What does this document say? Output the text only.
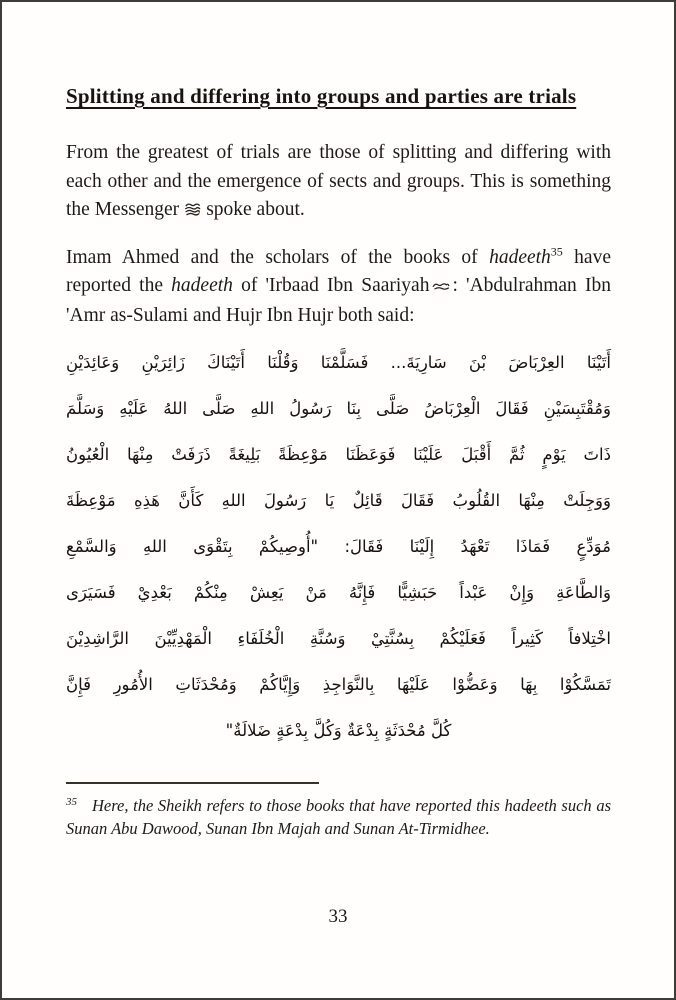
Splitting and differing into groups and parties are trials

From the greatest of trials are those of splitting and differing with each other and the emergence of sects and groups. This is something the Messenger spoke about.

Imam Ahmed and the scholars of the books of hadeeth$^{35}$ have reported the hadeeth of 'Irbaad Ibn Saariyah : 'Abdulrahman Ibn 'Amr as-Sulami and Hujr Ibn Hujr both said:

أَتَيْنَا العِرْبَاضَ بْنَ سَارِيَةَ... فَسَلَّمْنَا وَقُلْنَا أَتَيْنَاكَ زَائِرَيْنِ وَعَائِدَيْنِ
وَمُقْتَبِسَيْنِ فَقَالَ الْعِرْبَاضُ صَلَّى بِنَا رَسُولُ اللهِ صَلَّى اللهُ عَلَيْهِ وَسَلَّمَ
ذَاتَ يَوْمٍ ثُمَّ أَقْبَلَ عَلَيْنَا فَوَعَظَنَا مَوْعِظَةً بَلِيغَةً ذَرَفَتْ مِنْهَا الْعُيُونُ
وَوَجِلَتْ مِنْهَا القُلُوبُ فَقَالَ قَائِلٌ يَا رَسُولَ اللهِ كَأَنَّ هَذِهِ مَوْعِظَةَ
مُوَدِّعٍ فَمَاذَا تَعْهَدُ إِلَيْنَا فَقَالَ: "أُوصِيكُمْ بِتَقْوَى اللهِ وَالسَّمْعِ
وَالطَّاعَةِ وَإِنْ عَبْداً حَبَشِيًّا فَإِنَّهُ مَنْ يَعِشْ مِنْكُمْ بَعْدِيْ فَسَيَرَى
اخْتِلافاً كَثِيراً فَعَلَيْكُمْ بِسُنَّتِيْ وَسُنَّةِ الْخُلَفَاءِ الْمَهْدِيِّيْنَ الرَّاشِدِيْنَ
تَمَسَّكُوْا بِهَا وَعَضُّوْا عَلَيْهَا بِالنَّوَاجِذِ وَإِيَّاكُمْ وَمُحْدَثَاتِ الأُمُورِ فَإِنَّ
كُلَّ مُحْدَثَةٍ بِدْعَةٌ وَكُلَّ بِدْعَةٍ ضَلالَةٌ"

$^{35}$ Here, the Sheikh refers to those books that have reported this hadeeth such as Sunan Abu Dawood, Sunan Ibn Majah and Sunan At-Tirmidhee.

33
